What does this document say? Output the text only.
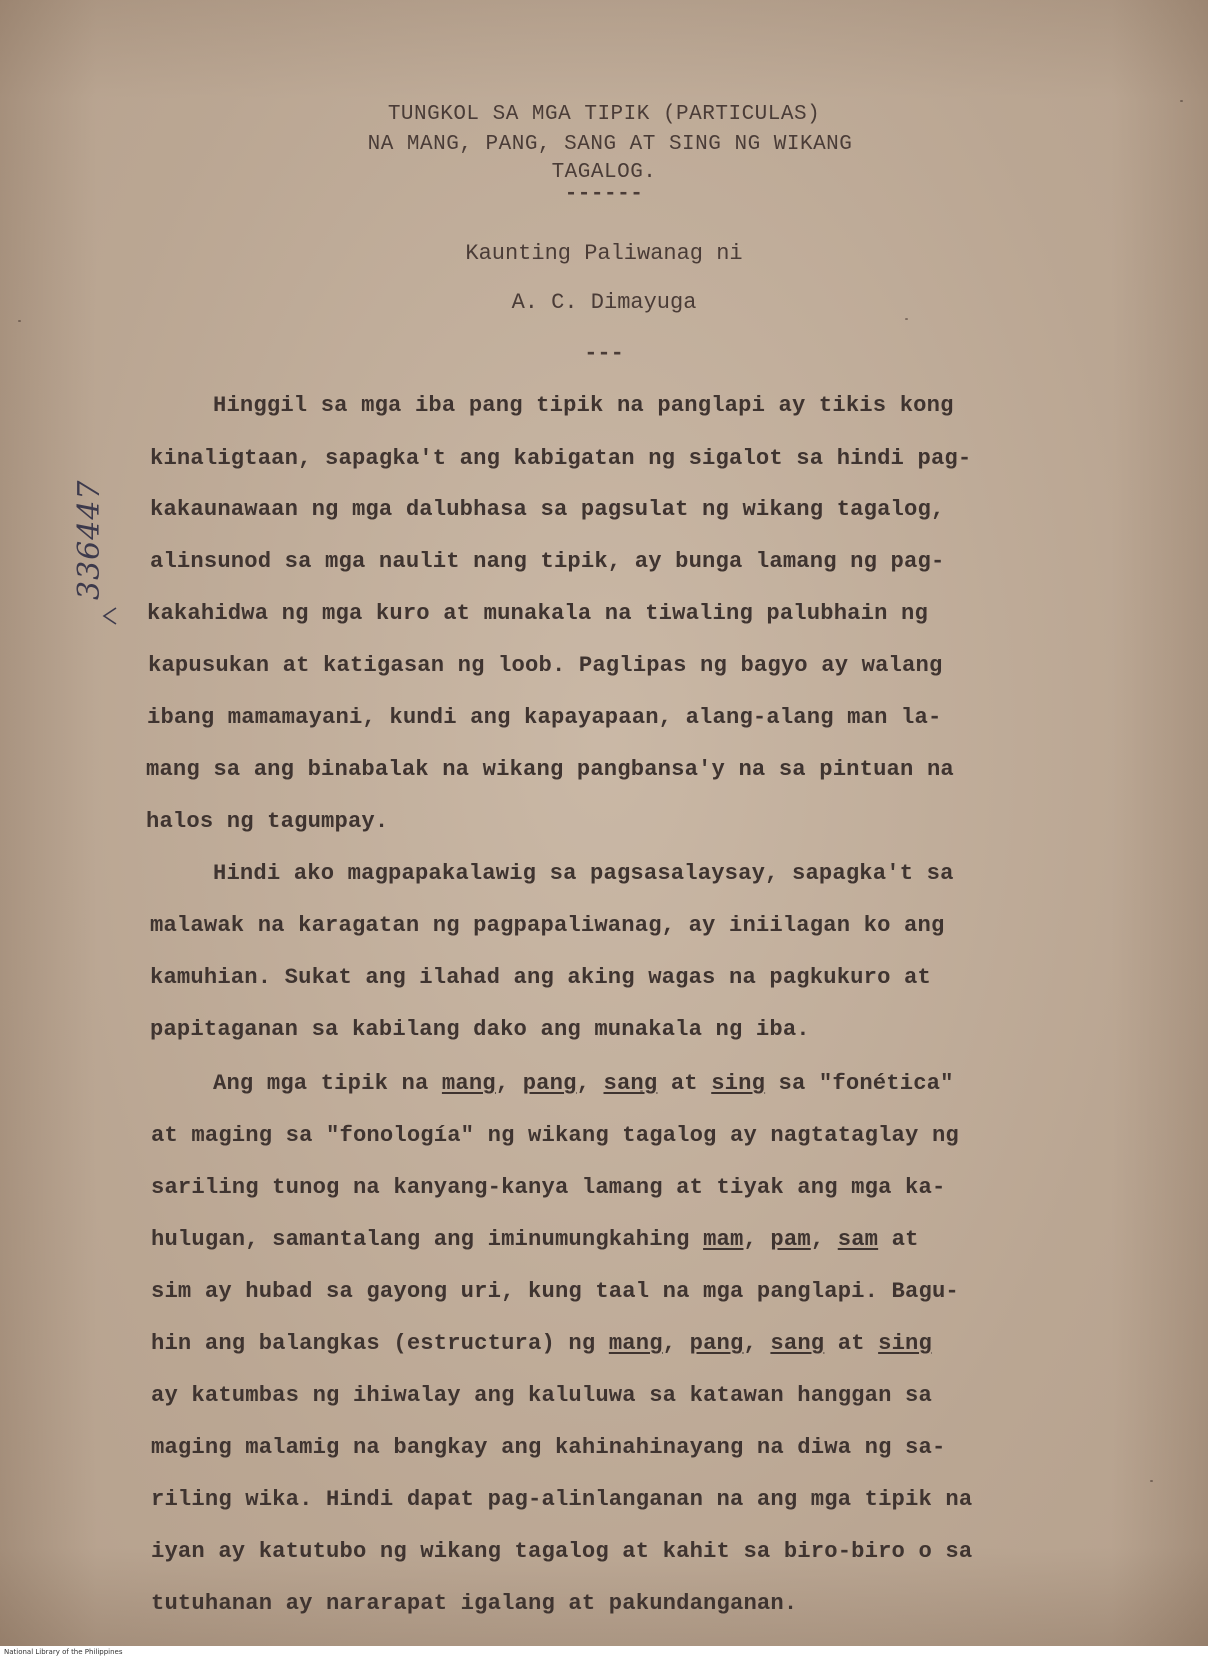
TUNGKOL SA MGA TIPIK (PARTICULAS)
NA MANG, PANG, SANG AT SING NG WIKANG
TAGALOG.
------
Kaunting Paliwanag ni
A. C. Dimayuga
---
Hinggil sa mga iba pang tipik na panglapi ay tikis kong
kinaligtaan, sapagka't ang kabigatan ng sigalot sa hindi pag-
kakaunawaan ng mga dalubhasa sa pagsulat ng wikang tagalog,
alinsunod sa mga naulit nang tipik, ay bunga lamang ng pag-
kakahidwa ng mga kuro at munakala na tiwaling palubhain ng
kapusukan at katigasan ng loob. Paglipas ng bagyo ay walang
ibang mamamayani, kundi ang kapayapaan, alang-alang man la-
mang sa ang binabalak na wikang pangbansa'y na sa pintuan na
halos ng tagumpay.
Hindi ako magpapakalawig sa pagsasalaysay, sapagka't sa
malawak na karagatan ng pagpapaliwanag, ay iniilagan ko ang
kamuhian. Sukat ang ilahad ang aking wagas na pagkukuro at
papitaganan sa kabilang dako ang munakala ng iba.
Ang mga tipik na mang, pang, sang at sing sa "fonética"
at maging sa "fonología" ng wikang tagalog ay nagtataglay ng
sariling tunog na kanyang-kanya lamang at tiyak ang mga ka-
hulugan, samantalang ang iminumungkahing mam, pam, sam at
sim ay hubad sa gayong uri, kung taal na mga panglapi. Bagu-
hin ang balangkas (estructura) ng mang, pang, sang at sing
ay katumbas ng ihiwalay ang kaluluwa sa katawan hanggan sa
maging malamig na bangkay ang kahinahinayang na diwa ng sa-
riling wika. Hindi dapat pag-alinlanganan na ang mga tipik na
iyan ay katutubo ng wikang tagalog at kahit sa biro-biro o sa
tutuhanan ay nararapat igalang at pakundanganan.
336447
National Library of the Philippines
